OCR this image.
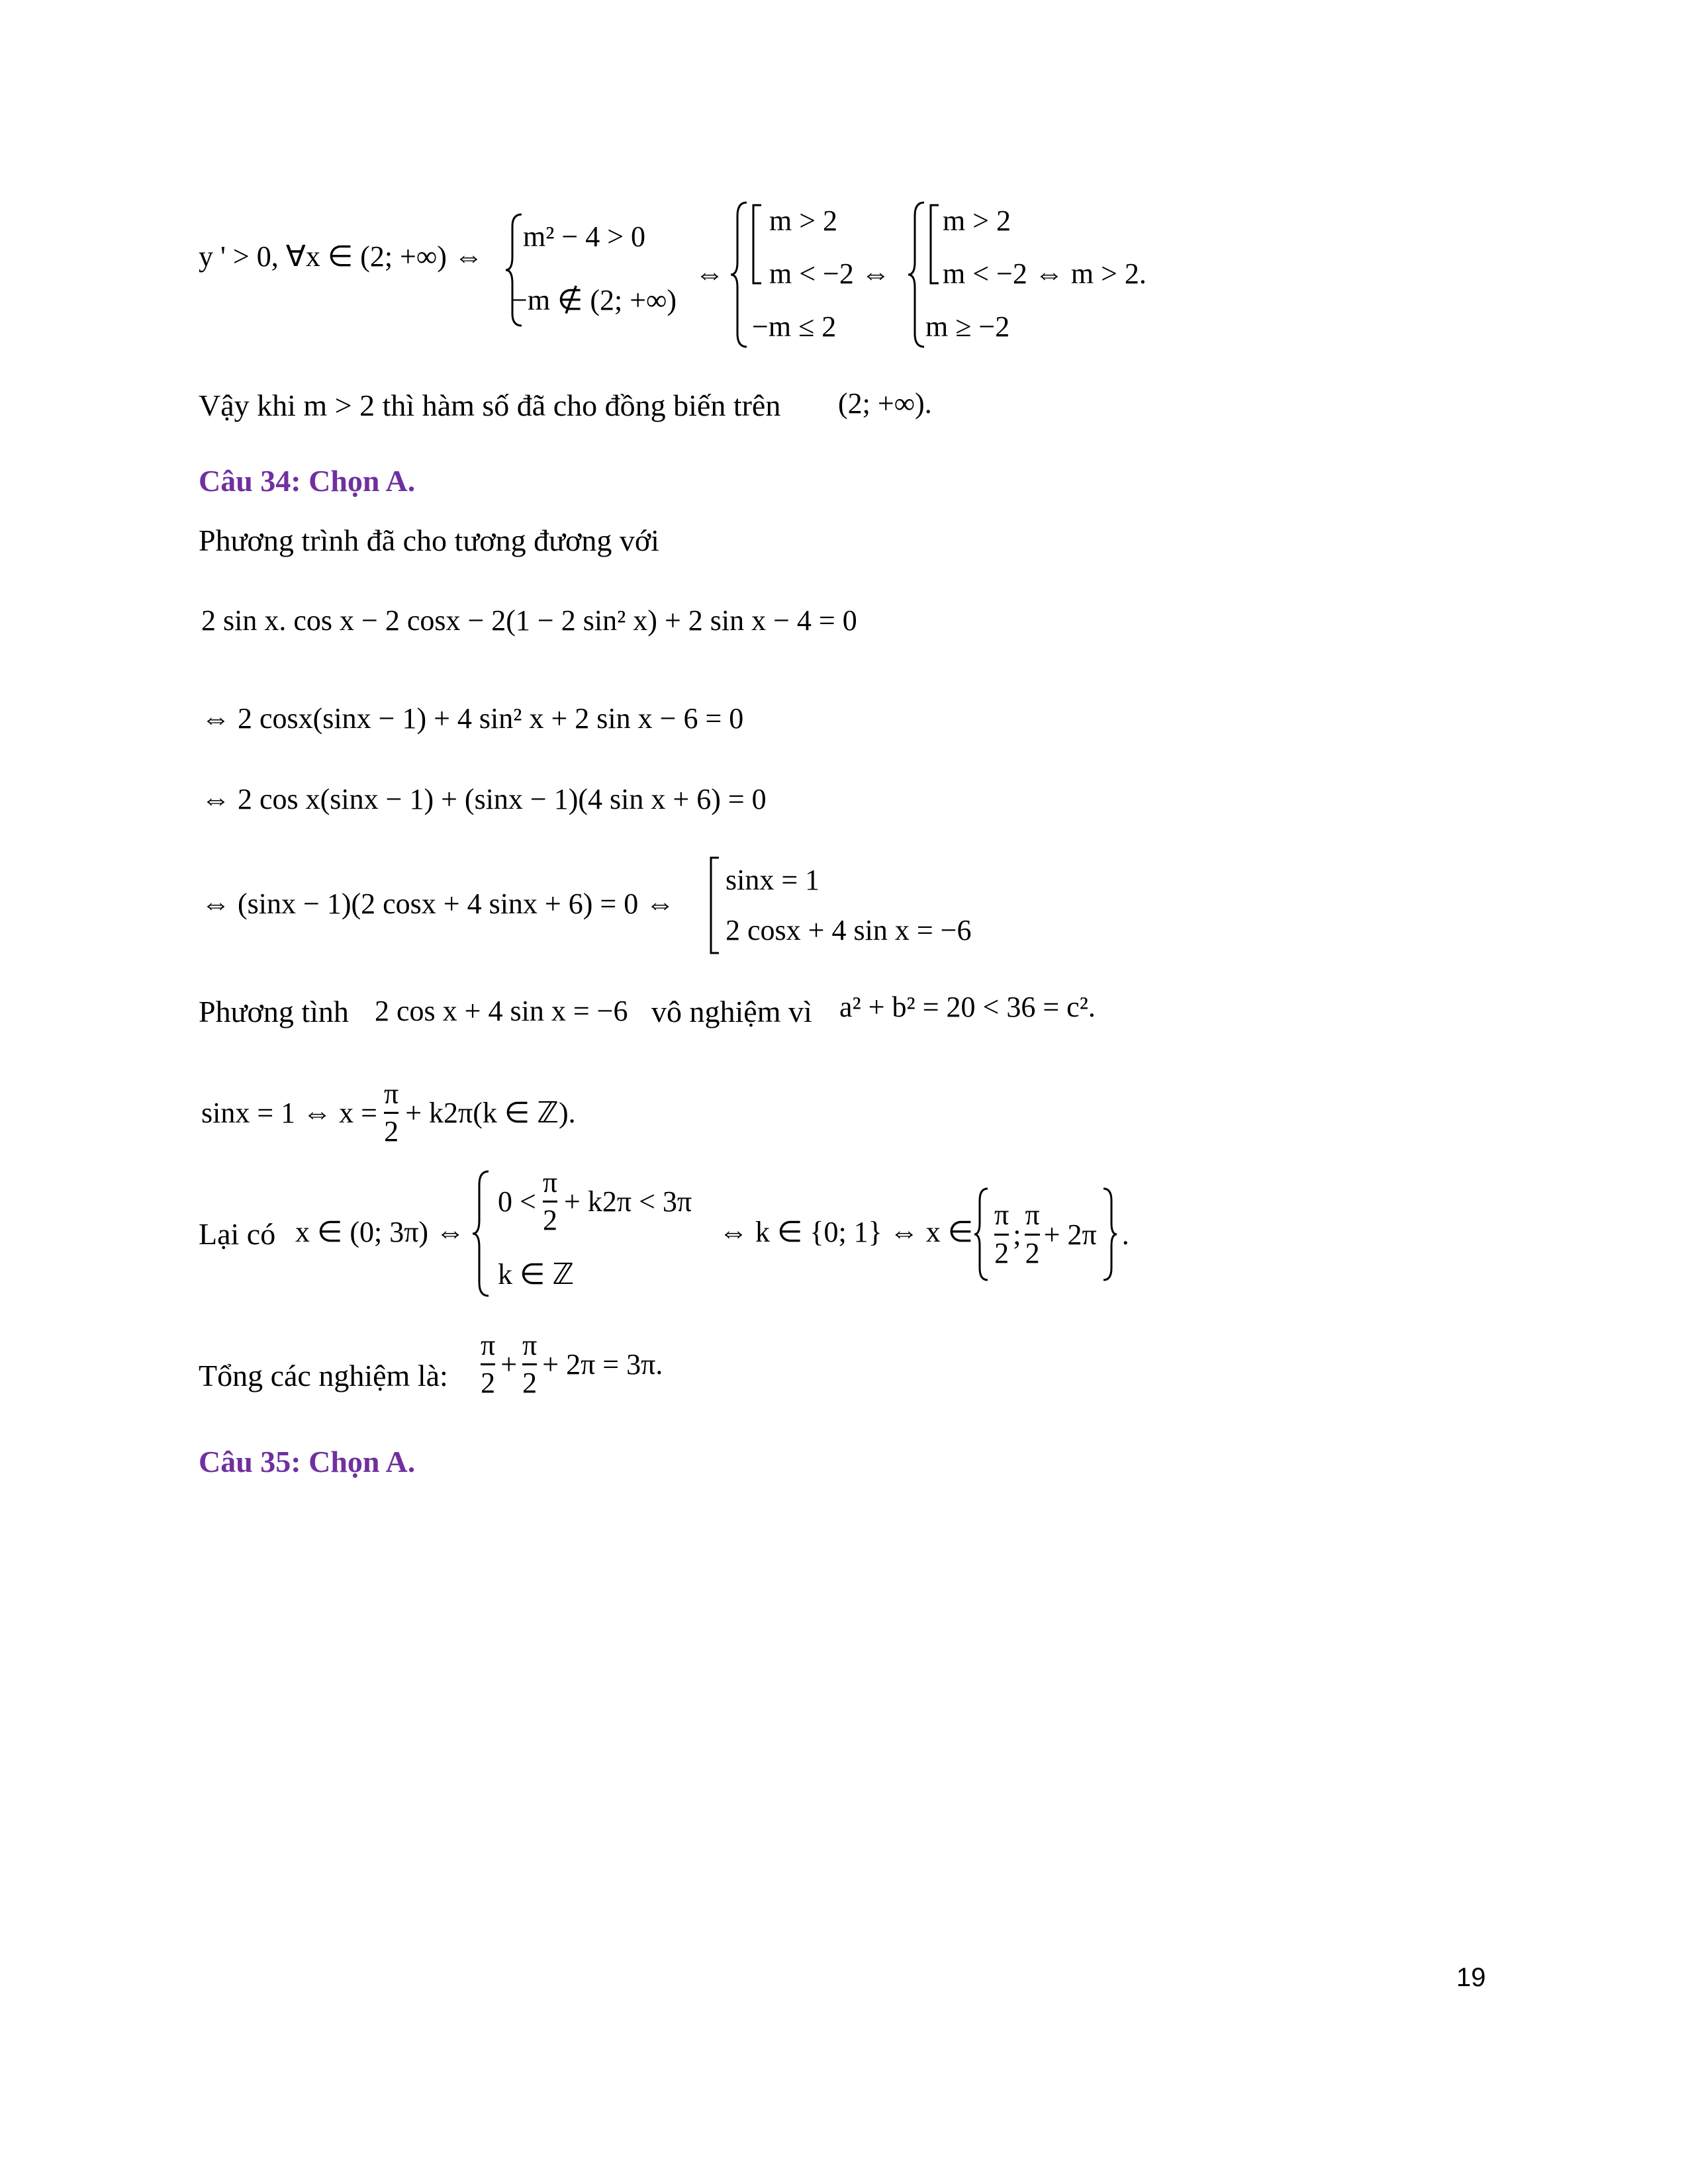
y ' > 0, ∀x ∈ (2; +∞) ⇔
m² − 4 > 0
−m ∉ (2; +∞)
⇔
m > 2
m < −2 ⇔
−m ≤ 2
m > 2
m < −2 ⇔ m > 2.
m ≥ −2
Vậy khi m > 2 thì hàm số đã cho đồng biến trên (2; +∞).
Câu 34: Chọn A.
Phương trình đã cho tương đương với
2 sin x. cos x − 2 cosx − 2(1 − 2 sin² x) + 2 sin x − 4 = 0
⇔ 2 cosx(sinx − 1) + 4 sin² x + 2 sin x − 6 = 0
⇔ 2 cos x(sinx − 1) + (sinx − 1)(4 sin x + 6) = 0
⇔ (sinx − 1)(2 cosx + 4 sinx + 6) = 0 ⇔
sinx = 1
2 cosx + 4 sin x = −6
Phương tình 2 cos x + 4 sin x = −6 vô nghiệm vì a² + b² = 20 < 36 = c².
sinx = 1 ⇔ $x = \frac{\pi}{2} + k2\pi(k$ ∈ ℤ).
Lại có x ∈ (0; 3π) ⇔
$0 < \frac{\pi}{2} + k2\pi < 3\pi$
k ∈ ℤ
⇔ k ∈ {0; 1} ⇔ x ∈ $\frac{\pi}{2}$ ; $\frac{\pi}{2} + 2\pi$ .
Tổng các nghiệm là: $\frac{\pi}{2} + \frac{\pi}{2} + 2\pi = 3\pi$.
Câu 35: Chọn A.
19
